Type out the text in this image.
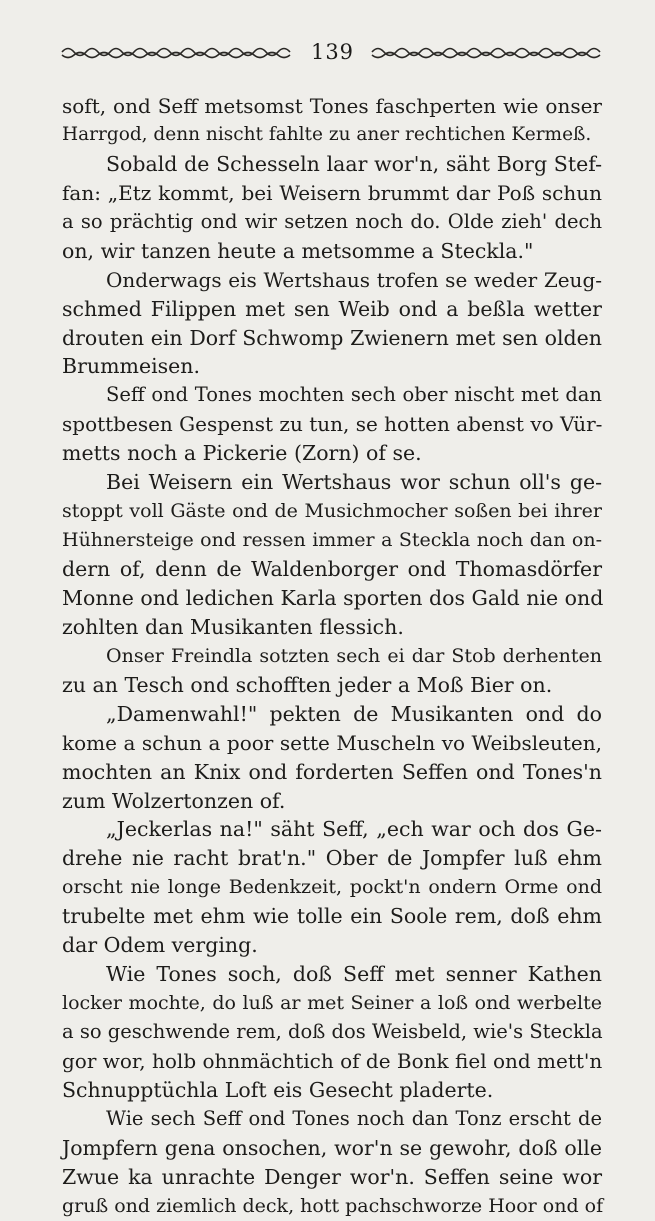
139
soft, ond Seff metsomst Tones faschperten wie onser
Harrgod, denn nischt fahlte zu aner rechtichen Kermeß.
Sobald de Schesseln laar wor'n, säht Borg Stef-
fan: „Etz kommt, bei Weisern brummt dar Poß schun
a so prächtig ond wir setzen noch do. Olde zieh' dech
on, wir tanzen heute a metsomme a Steckla."
Onderwags eis Wertshaus trofen se weder Zeug-
schmed Filippen met sen Weib ond a beßla wetter
drouten ein Dorf Schwomp Zwienern met sen olden
Brummeisen.
Seff ond Tones mochten sech ober nischt met dan
spottbesen Gespenst zu tun, se hotten abenst vo Vür-
metts noch a Pickerie (Zorn) of se.
Bei Weisern ein Wertshaus wor schun oll's ge-
stoppt voll Gäste ond de Musichmocher soßen bei ihrer
Hühnersteige ond ressen immer a Steckla noch dan on-
dern of, denn de Waldenborger ond Thomasdörfer
Monne ond ledichen Karla sporten dos Gald nie ond
zohlten dan Musikanten flessich.
Onser Freindla sotzten sech ei dar Stob derhenten
zu an Tesch ond schofften jeder a Moß Bier on.
„Damenwahl!" pekten de Musikanten ond do
kome a schun a poor sette Muscheln vo Weibsleuten,
mochten an Knix ond forderten Seffen ond Tones'n
zum Wolzertonzen of.
„Jeckerlas na!" säht Seff, „ech war och dos Ge-
drehe nie racht brat'n." Ober de Jompfer luß ehm
orscht nie longe Bedenkzeit, pockt'n ondern Orme ond
trubelte met ehm wie tolle ein Soole rem, doß ehm
dar Odem verging.
Wie Tones soch, doß Seff met senner Kathen
locker mochte, do luß ar met Seiner a loß ond werbelte
a so geschwende rem, doß dos Weisbeld, wie's Steckla
gor wor, holb ohnmächtich of de Bonk fiel ond mett'n
Schnupptüchla Loft eis Gesecht pladerte.
Wie sech Seff ond Tones noch dan Tonz erscht de
Jompfern gena onsochen, wor'n se gewohr, doß olle
Zwue ka unrachte Denger wor'n. Seffen seine wor
gruß ond ziemlich deck, hott pachschworze Hoor ond of
